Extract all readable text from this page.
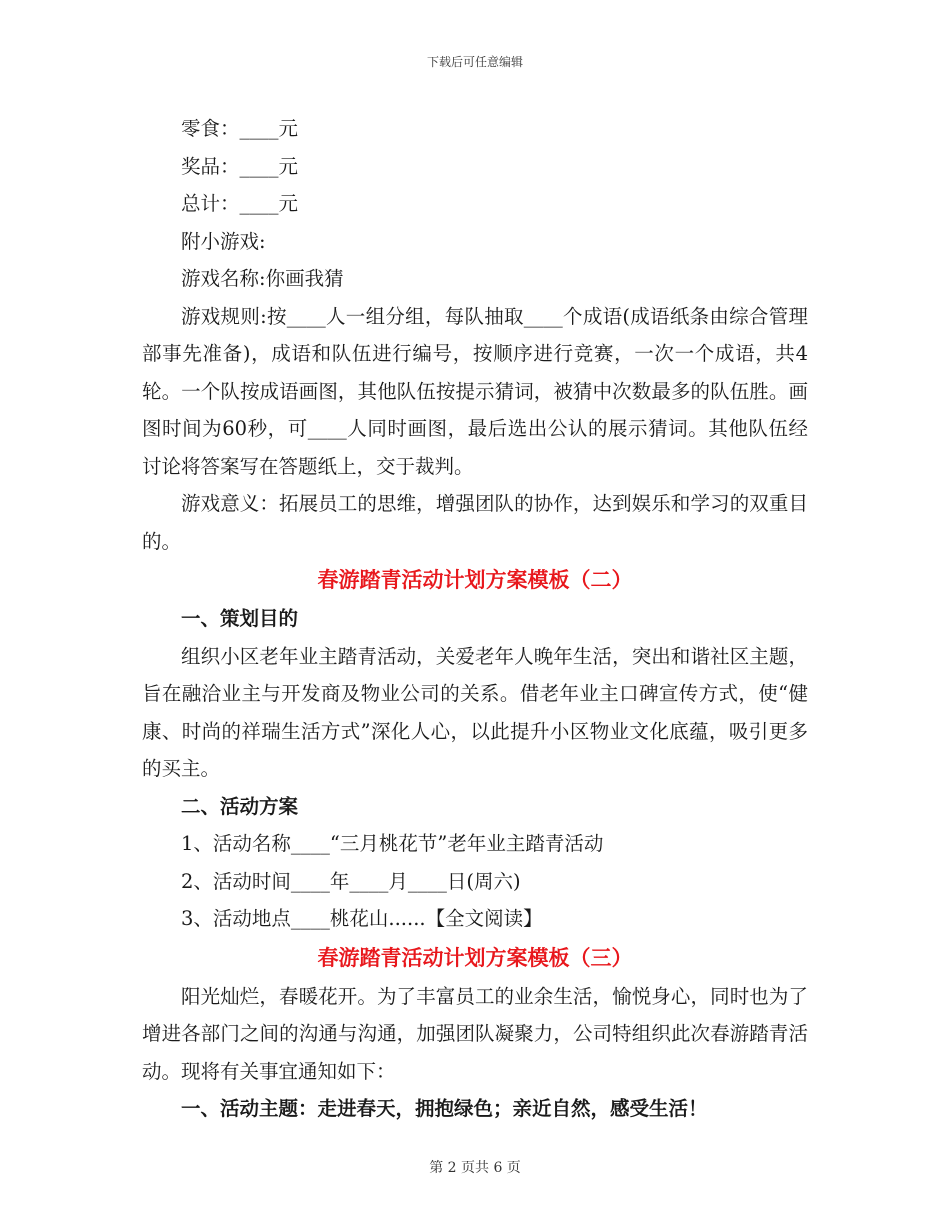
下载后可任意编辑

零食：____元

奖品：____元

总计：____元

附小游戏:

游戏名称:你画我猜

游戏规则:按____人一组分组，每队抽取____个成语(成语纸条由综合管理部事先准备)，成语和队伍进行编号，按顺序进行竞赛，一次一个成语，共4轮。一个队按成语画图，其他队伍按提示猜词，被猜中次数最多的队伍胜。画图时间为60秒，可____人同时画图，最后选出公认的展示猜词。其他队伍经讨论将答案写在答题纸上，交于裁判。

游戏意义：拓展员工的思维，增强团队的协作，达到娱乐和学习的双重目的。

春游踏青活动计划方案模板（二）

一、策划目的

组织小区老年业主踏青活动，关爱老年人晚年生活，突出和谐社区主题，旨在融洽业主与开发商及物业公司的关系。借老年业主口碑宣传方式，使“健康、时尚的祥瑞生活方式”深化人心，以此提升小区物业文化底蕴，吸引更多的买主。

二、活动方案

1、活动名称____“三月桃花节”老年业主踏青活动

2、活动时间____年____月____日(周六)

3、活动地点____桃花山......【全文阅读】

春游踏青活动计划方案模板（三）

阳光灿烂，春暖花开。为了丰富员工的业余生活，愉悦身心，同时也为了增进各部门之间的沟通与沟通，加强团队凝聚力，公司特组织此次春游踏青活动。现将有关事宜通知如下：

一、活动主题：走进春天，拥抱绿色；亲近自然，感受生活！

第 2 页共 6 页
